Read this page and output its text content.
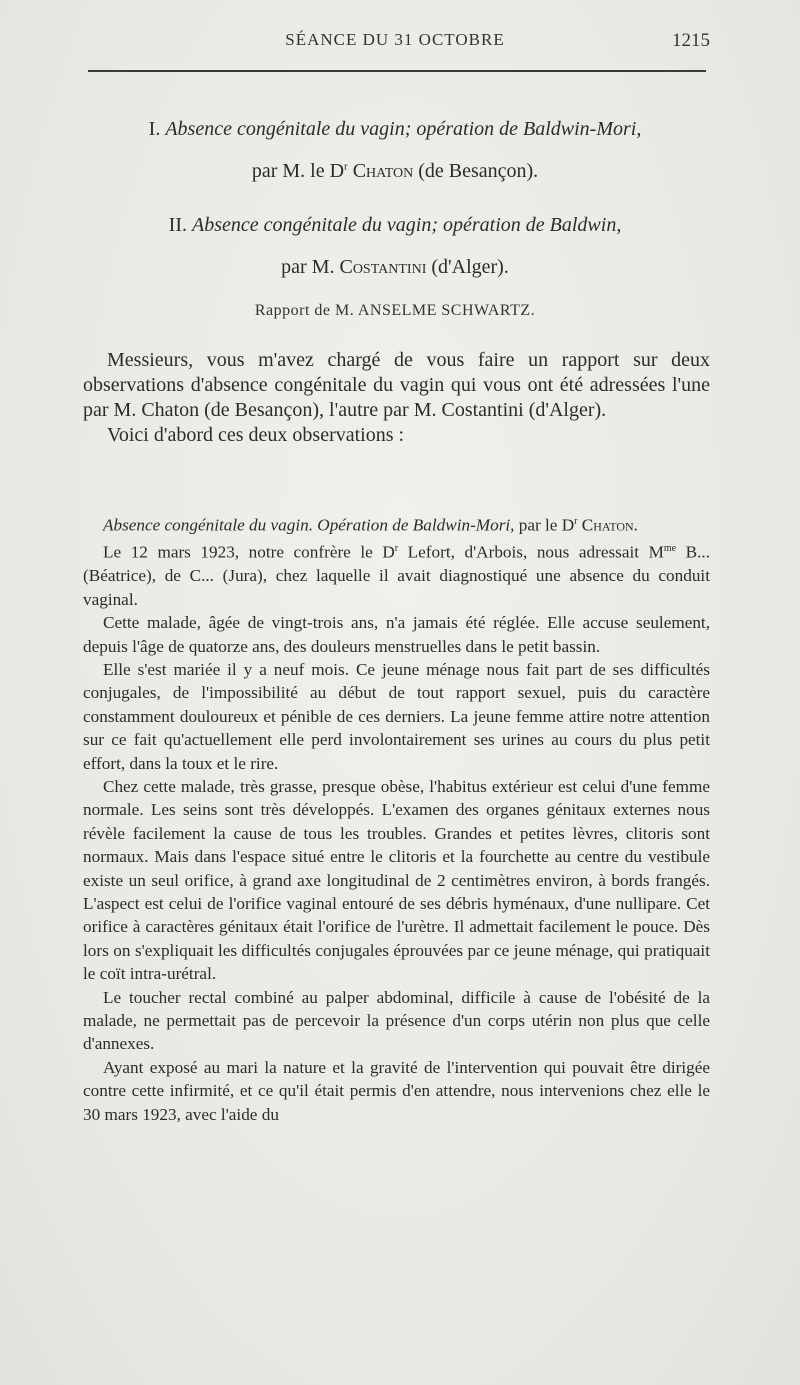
SÉANCE DU 31 OCTOBRE	1215
I. Absence congénitale du vagin; opération de Baldwin-Mori,
par M. le $D^r$ Chaton (de Besançon).
II. Absence congénitale du vagin; opération de Baldwin,
par M. Costantini (d'Alger).
Rapport de M. ANSELME SCHWARTZ.

Messieurs, vous m'avez chargé de vous faire un rapport sur deux observations d'absence congénitale du vagin qui vous ont été adressées l'une par M. Chaton (de Besançon), l'autre par M. Costantini (d'Alger).

Voici d'abord ces deux observations :

Absence congénitale du vagin. Opération de Baldwin-Mori, par le $D^r$ Chaton.

Le 12 mars 1923, notre confrère le $D^r$ Lefort, d'Arbois, nous adressait $M^{me}$ B... (Béatrice), de C... (Jura), chez laquelle il avait diagnostiqué une absence du conduit vaginal.

Cette malade, âgée de vingt-trois ans, n'a jamais été réglée. Elle accuse seulement, depuis l'âge de quatorze ans, des douleurs menstruelles dans le petit bassin.

Elle s'est mariée il y a neuf mois. Ce jeune ménage nous fait part de ses difficultés conjugales, de l'impossibilité au début de tout rapport sexuel, puis du caractère constamment douloureux et pénible de ces derniers. La jeune femme attire notre attention sur ce fait qu'actuellement elle perd involontairement ses urines au cours du plus petit effort, dans la toux et le rire.

Chez cette malade, très grasse, presque obèse, l'habitus extérieur est celui d'une femme normale. Les seins sont très développés. L'examen des organes génitaux externes nous révèle facilement la cause de tous les troubles. Grandes et petites lèvres, clitoris sont normaux. Mais dans l'espace situé entre le clitoris et la fourchette au centre du vestibule existe un seul orifice, à grand axe longitudinal de 2 centimètres environ, à bords frangés. L'aspect est celui de l'orifice vaginal entouré de ses débris hyménaux, d'une nullipare. Cet orifice à caractères génitaux était l'orifice de l'urètre. Il admettait facilement le pouce. Dès lors on s'expliquait les difficultés conjugales éprouvées par ce jeune ménage, qui pratiquait le coït intra-urétral.

Le toucher rectal combiné au palper abdominal, difficile à cause de l'obésité de la malade, ne permettait pas de percevoir la présence d'un corps utérin non plus que celle d'annexes.

Ayant exposé au mari la nature et la gravité de l'intervention qui pouvait être dirigée contre cette infirmité, et ce qu'il était permis d'en attendre, nous intervenions chez elle le 30 mars 1923, avec l'aide du
